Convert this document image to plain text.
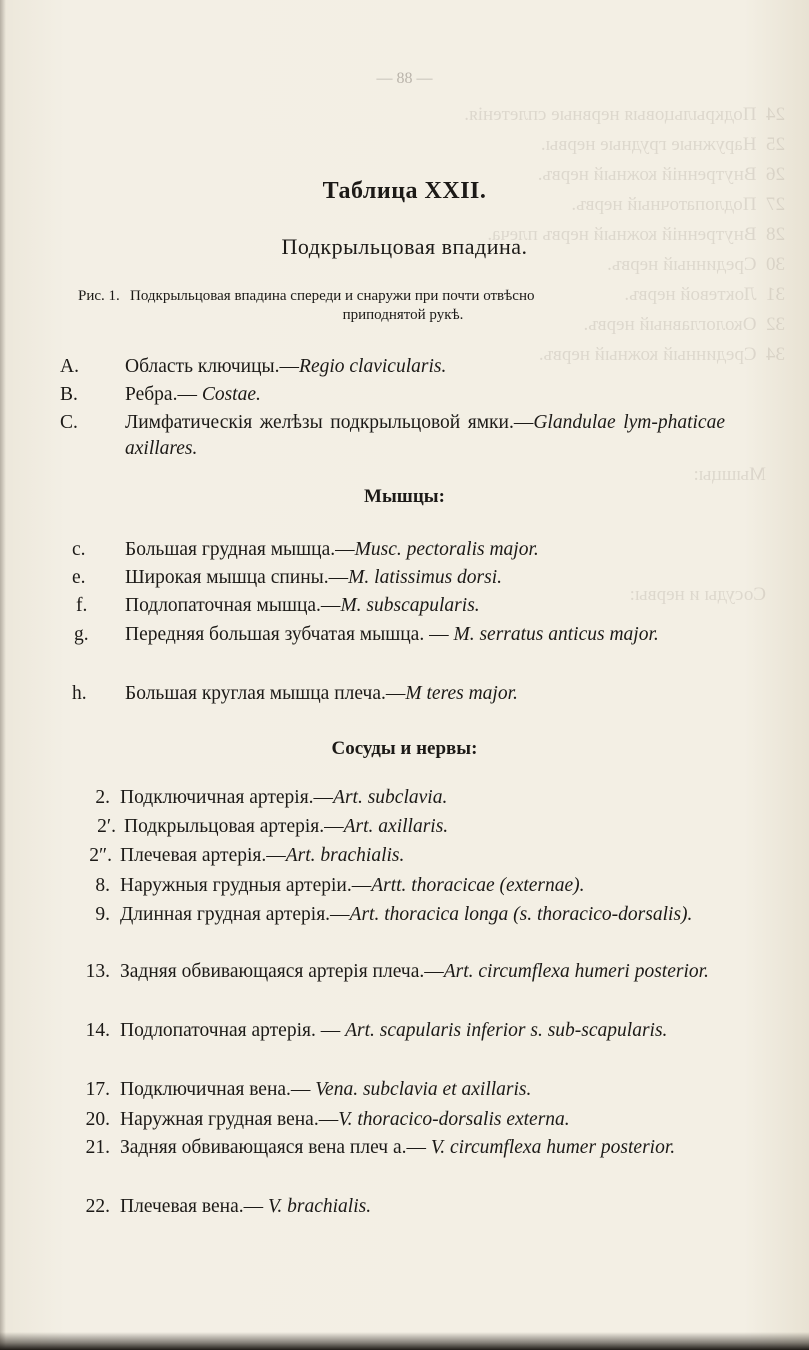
24  Подкрыльцовыя нервные сплетенiя.
25  Наружные грудные нервы.
26  Внутреннiй кожный нервъ.
27  Подлопаточный нервъ.
28  Внутреннiй кожный нервъ плеча.
30  Срединный нервъ.
31  Локтевой нервъ.
32  Окологлавный нервъ.
34  Срединный кожный нервъ.

Мышцы:

Сосуды и нервы:
— 88 —
Таблица XXII.
Подкрыльцовая впадина.
Рис. 1. Подкрыльцовая впадина спереди и снаружи при почти отвѣсно
приподнятой рукѣ.
A.	Область ключицы.—Regio clavicularis.
B.	Ребра.— Costae.
C.	Лимфатическія желѣзы подкрыльцовой ямки.—Glandulae lym-phaticae axillares.
Мышцы:
c.	Большая грудная мышца.—Musc. pectoralis major.
e.	Широкая мышца спины.—M. latissimus dorsi.
f.	Подлопаточная мышца.—M. subscapularis.
g.	Передняя большая зубчатая мышца. — M. serratus anticus major.
h.	Большая круглая мышца плеча.—M teres major.
Сосуды и нервы:
2. Подключичная артерія.—Art. subclavia.
2′. Подкрыльцовая артерія.—Art. axillaris.
2″. Плечевая артерія.—Art. brachialis.
8. Наружныя грудныя артеріи.—Artt. thoracicae (externae).
9. Длинная грудная артерія.—Art. thoracica longa (s. thoracico-dorsalis).
13. Задняя обвивающаяся артерія плеча.—Art. circumflexa humeri posterior.
14. Подлопаточная артерія. — Art. scapularis inferior s. sub-scapularis.
17. Подключичная вена.— Vena. subclavia et axillaris.
20. Наружная грудная вена.—V. thoracico-dorsalis externa.
21. Задняя обвивающаяся вена плеч а.— V. circumflexa humer posterior.
22. Плечевая вена.— V. brachialis.
